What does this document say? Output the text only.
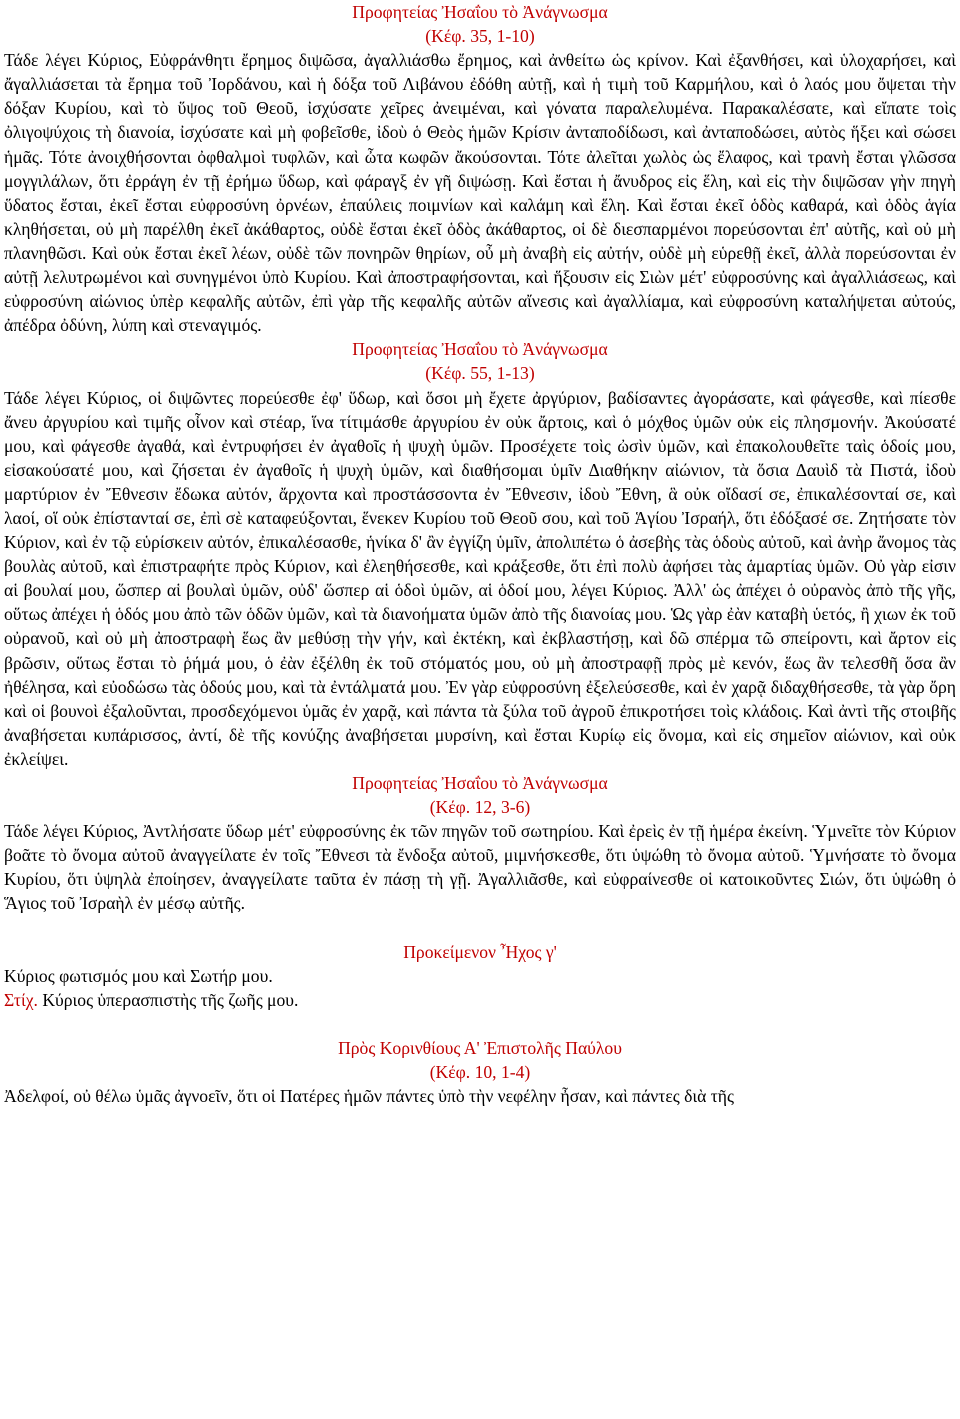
Προφητείας Ἠσαΐου τὸ Ἀνάγνωσμα

(Κέφ. 35, 1-10)

Τάδε λέγει Κύριος, Εὐφράνθητι ἔρημος διψῶσα, ἀγαλλιάσθω ἔρημος, καὶ ἀνθείτω ὡς κρίνον. Καὶ ἐξανθήσει, καὶ ὑλοχαρήσει, καὶ ἄγαλλιάσεται τὰ ἔρημα τοῦ Ἰορδάνου, καὶ ἡ δόξα τοῦ Λιβάνου ἐδόθη αὐτῇ, καὶ ἡ τιμὴ τοῦ Καρμήλου, καὶ ὁ λαός μου ὄψεται τὴν δόξαν Κυρίου, καὶ τὸ ὕψος τοῦ Θεοῦ, ἰσχύσατε χεῖρες ἀνειμέναι, καὶ γόνατα παραλελυμένα. Παρακαλέσατε, καὶ εἴπατε τοὶς ὀλιγοψύχοις τὴ διανοία, ἰσχύσατε καὶ μὴ φοβεῖσθε, ἰδοὺ ὁ Θεὸς ἡμῶν Κρίσιν ἀνταποδίδωσι, καὶ ἀνταποδώσει, αὐτὸς ἥξει καὶ σώσει ἡμᾶς. Τότε ἀνοιχθήσονται ὀφθαλμοὶ τυφλῶν, καὶ ὦτα κωφῶν ἄκούσονται. Τότε ἀλεῖται χωλὸς ὡς ἔλαφος, καὶ τρανὴ ἔσται γλῶσσα μογγιλάλων, ὅτι ἐρράγη ἐν τῇ ἐρήμω ὕδωρ, καὶ φάραγξ ἐν γῆ διψώσῃ. Καὶ ἔσται ἡ ἄνυδρος εἰς ἕλη, καὶ εἰς τὴν διψῶσαν γὴν πηγὴ ὕδατος ἔσται, ἐκεῖ ἔσται εὐφροσύνη ὀρνέων, ἐπαύλεις ποιμνίων καὶ καλάμη καὶ ἕλη. Καὶ ἔσται ἐκεῖ ὁδὸς καθαρά, καὶ ὁδὸς ἁγία κληθήσεται, οὐ μὴ παρέλθη ἐκεῖ ἀκάθαρτος, οὐδὲ ἔσται ἐκεῖ ὁδὸς ἀκάθαρτος, οἱ δὲ διεσπαρμένοι πορεύσονται ἐπ' αὐτῆς, καὶ οὐ μὴ πλανηθῶσι. Καὶ οὐκ ἔσται ἐκεῖ λέων, οὐδὲ τῶν πονηρῶν θηρίων, οὖ μὴ ἀναβὴ εἰς αὐτήν, οὐδὲ μὴ εὑρεθῇ ἐκεῖ, ἀλλὰ πορεύσονται ἐν αὐτῇ λελυτρωμένοι καὶ συνηγμένοι ὑπὸ Κυρίου. Καὶ ἀποστραφήσονται, καὶ ἥξουσιν εἰς Σιὼν μέτ' εὐφροσύνης καὶ ἀγαλλιάσεως, καὶ εὐφροσύνη αἰώνιος ὑπὲρ κεφαλῆς αὐτῶν, ἐπὶ γὰρ τῆς κεφαλῆς αὐτῶν αἴνεσις καὶ ἀγαλλίαμα, καὶ εὐφροσύνη καταλήψεται αὐτούς, ἀπέδρα ὀδύνη, λύπη καὶ στεναγιμός.

Προφητείας Ἠσαΐου τὸ Ἀνάγνωσμα

(Κέφ. 55, 1-13)

Τάδε λέγει Κύριος, οἱ διψῶντες πορεύεσθε ἐφ' ὕδωρ, καὶ ὅσοι μὴ ἔχετε ἀργύριον, βαδίσαντες ἀγοράσατε, καὶ φάγεσθε, καὶ πίεσθε ἄνευ ἀργυρίου καὶ τιμῆς οἶνον καὶ στέαρ, ἵνα τίτιμάσθε ἀργυρίου ἐν οὐκ ἄρτοις, καὶ ὁ μόχθος ὑμῶν οὐκ εἰς πλησμονήν. Ἀκούσατέ μου, καὶ φάγεσθε ἀγαθά, καὶ ἐντρυφήσει ἐν ἀγαθοῖς ἡ ψυχὴ ὑμῶν. Προσέχετε τοὶς ὠσὶν ὑμῶν, καὶ ἐπακολουθεῖτε ταὶς ὁδοίς μου, εἰσακούσατέ μου, καὶ ζήσεται ἐν ἀγαθοῖς ἡ ψυχὴ ὑμῶν, καὶ διαθήσομαι ὑμῖν Διαθήκην αἰώνιον, τὰ ὅσια Δαυὶδ τὰ Πιστά, ἰδοὺ μαρτύριον ἐν Ἔθνεσιν ἔδωκα αὐτόν, ἄρχοντα καὶ προστάσσοντα ἐν Ἔθνεσιν, ἰδοὺ Ἔθνη, ἃ οὐκ οἴδασί σε, ἐπικαλέσονταί σε, καὶ λαοί, οἵ οὐκ ἐπίστανταί σε, ἐπὶ σὲ καταφεύξονται, ἕνεκεν Κυρίου τοῦ Θεοῦ σου, καὶ τοῦ Ἁγίου Ἰσραήλ, ὅτι ἐδόξασέ σε. Ζητήσατε τὸν Κύριον, καὶ ἐν τῷ εὑρίσκειν αὐτόν, ἐπικαλέσασθε, ἡνίκα δ' ἂν ἐγγίζη ὑμῖν, ἀπολιπέτω ὁ ἀσεβὴς τὰς ὁδοὺς αὐτοῦ, καὶ ἀνὴρ ἄνομος τὰς βουλὰς αὐτοῦ, καὶ ἐπιστραφήτε πρὸς Κύριον, καὶ ἐλεηθήσεσθε, καὶ κράξεσθε, ὅτι ἐπὶ πολὺ ἀφήσει τὰς ἁμαρτίας ὑμῶν. Οὐ γὰρ εἰσιν αἱ βουλαί μου, ὥσπερ αἱ βουλαὶ ὑμῶν, οὐδ' ὥσπερ αἱ ὁδοὶ ὑμῶν, αἱ ὁδοί μου, λέγει Κύριος. Ἀλλ' ὡς ἀπέχει ὁ οὐρανὸς ἀπὸ τῆς γῆς, οὕτως ἀπέχει ἡ ὁδός μου ἀπὸ τῶν ὁδῶν ὑμῶν, καὶ τὰ διανοήματα ὑμῶν ἀπὸ τῆς διανοίας μου. Ὡς γὰρ ἐὰν καταβὴ ὑετός, ἢ χιων ἐκ τοῦ οὐρανοῦ, καὶ οὐ μὴ ἀποστραφὴ ἕως ἂν μεθύσῃ τὴν γήν, καὶ ἐκτέκη, καὶ ἐκβλαστήσῃ, καὶ δῶ σπέρμα τῶ σπείροντι, καὶ ἄρτον εἰς βρῶσιν, οὕτως ἔσται τὸ ῥήμά μου, ὁ ἐὰν ἐξέλθη ἐκ τοῦ στόματός μου, οὐ μὴ ἀποστραφῇ πρὸς μὲ κενόν, ἕως ἂν τελεσθῆ ὅσα ἂν ἠθέλησα, καὶ εὐοδώσω τὰς ὁδούς μου, καὶ τὰ ἐντάλματά μου. Ἐν γὰρ εὐφροσύνη ἐξελεύσεσθε, καὶ ἐν χαρᾷ διδαχθήσεσθε, τὰ γὰρ ὄρη καὶ οἱ βουνοὶ ἐξαλοῦνται, προσδεχόμενοι ὑμᾶς ἐν χαρᾷ, καὶ πάντα τὰ ξύλα τοῦ ἀγροῦ ἐπικροτήσει τοὶς κλάδοις. Καὶ ἀντὶ τῆς στοιβῆς ἀναβήσεται κυπάρισσος, ἀντί, δὲ τῆς κονύζης ἀναβήσεται μυρσίνη, καὶ ἔσται Κυρίῳ εἰς ὄνομα, καὶ εἰς σημεῖον αἰώνιον, καὶ οὐκ ἐκλείψει.

Προφητείας Ἠσαΐου τὸ Ἀνάγνωσμα

(Κέφ. 12, 3-6)

Τάδε λέγει Κύριος, Ἀντλήσατε ὕδωρ μέτ' εὐφροσύνης ἐκ τῶν πηγῶν τοῦ σωτηρίου. Καὶ ἐρεὶς ἐν τῇ ἡμέρα ἐκείνη. Ὑμνεῖτε τὸν Κύριον βοᾶτε τὸ ὄνομα αὐτοῦ ἀναγγείλατε ἐν τοῖς Ἔθνεσι τὰ ἔνδοξα αὐτοῦ, μιμνήσκεσθε, ὅτι ὑψώθη τὸ ὄνομα αὐτοῦ. Ὑμνήσατε τὸ ὄνομα Κυρίου, ὅτι ὑψηλὰ ἐποίησεν, ἀναγγείλατε ταῦτα ἐν πάσῃ τὴ γῇ. Ἀγαλλιᾶσθε, καὶ εὐφραίνεσθε οἱ κατοικοῦντες Σιών, ὅτι ὑψώθη ὁ Ἅγιος τοῦ Ἰσραὴλ ἐν μέσῳ αὐτῆς.

Προκείμενον Ἦχος γ'

Κύριος φωτισμός μου καὶ Σωτήρ μου.

Στίχ. Κύριος ὑπερασπιστὴς τῆς ζωῆς μου.

Πρὸς Κορινθίους Α' Ἐπιστολῆς Παύλου

(Κέφ. 10, 1-4)

Ἀδελφοί, οὐ θέλω ὑμᾶς ἀγνοεῖν, ὅτι οἱ Πατέρες ἡμῶν πάντες ὑπὸ τὴν νεφέλην ἦσαν, καὶ πάντες διὰ τῆς
